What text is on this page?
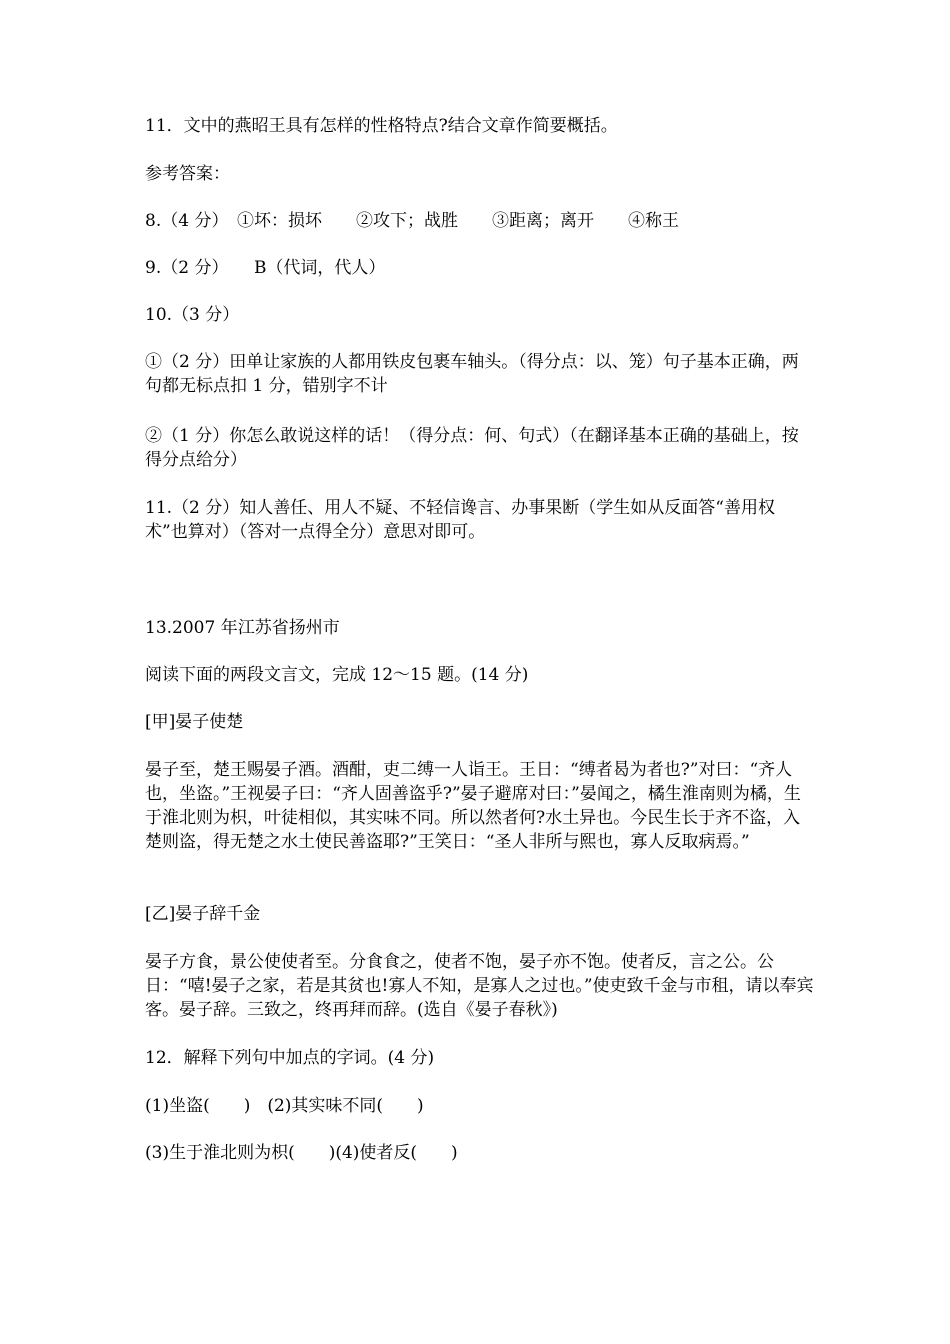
11．文中的燕昭王具有怎样的性格特点?结合文章作简要概括。

参考答案：

8.（4 分）　①坏：损坏　　②攻下；战胜　　③距离；离开　　④称王

9.（2 分）　　B（代词，代人）

10.（3 分）

①（2 分）田单让家族的人都用铁皮包裹车轴头。（得分点：以、笼）句子基本正确，两句都无标点扣 1 分，错别字不计

②（1 分）你怎么敢说这样的话！（得分点：何、句式）（在翻译基本正确的基础上，按得分点给分）

11.（2 分）知人善任、用人不疑、不轻信谗言、办事果断（学生如从反面答“善用权术”也算对）（答对一点得全分）意思对即可。

13.2007 年江苏省扬州市

阅读下面的两段文言文，完成 12～15 题。(14 分)

[甲]晏子使楚

晏子至，楚王赐晏子酒。酒酣，吏二缚一人诣王。王日：“缚者曷为者也?”对曰：“齐人也，坐盗。”王视晏子曰：“齐人固善盗乎?”晏子避席对曰：”晏闻之，橘生淮南则为橘，生于淮北则为枳，叶徒相似，其实味不同。所以然者何?水土异也。今民生长于齐不盗，入楚则盗，得无楚之水土使民善盗耶?”王笑日：“圣人非所与熙也，寡人反取病焉。”

[乙]晏子辞千金

晏子方食，景公使使者至。分食食之，使者不饱，晏子亦不饱。使者反，言之公。公日：“嘻!晏子之家，若是其贫也!寡人不知，是寡人之过也。”使吏致千金与市租，请以奉宾客。晏子辞。三致之，终再拜而辞。(选自《晏子春秋》)

12．解释下列句中加点的字词。(4 分)

(1)坐盗(　　)　(2)其实味不同(　　)

(3)生于淮北则为枳(　　)(4)使者反(　　)
